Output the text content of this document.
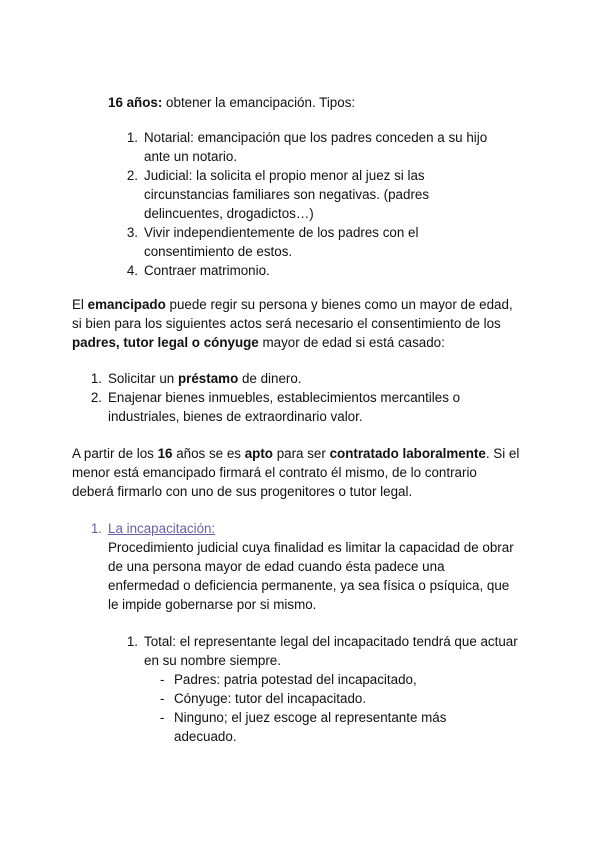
16 años: obtener la emancipación. Tipos:
1. Notarial: emancipación que los padres conceden a su hijo ante un notario.
2. Judicial: la solicita el propio menor al juez si las circunstancias familiares son negativas. (padres delincuentes, drogadictos…)
3. Vivir independientemente de los padres con el consentimiento de estos.
4. Contraer matrimonio.

El emancipado puede regir su persona y bienes como un mayor de edad, si bien para los siguientes actos será necesario el consentimiento de los padres, tutor legal o cónyuge mayor de edad si está casado:

1. Solicitar un préstamo de dinero.
2. Enajenar bienes inmuebles, establecimientos mercantiles o industriales, bienes de extraordinario valor.

A partir de los 16 años se es apto para ser contratado laboralmente. Si el menor está emancipado firmará el contrato él mismo, de lo contrario deberá firmarlo con uno de sus progenitores o tutor legal.

1. La incapacitación:
Procedimiento judicial cuya finalidad es limitar la capacidad de obrar de una persona mayor de edad cuando ésta padece una enfermedad o deficiencia permanente, ya sea física o psíquica, que le impide gobernarse por si mismo.
1. Total: el representante legal del incapacitado tendrá que actuar en su nombre siempre.
- Padres: patria potestad del incapacitado,
- Cónyuge: tutor del incapacitado.
- Ninguno; el juez escoge al representante más adecuado.
